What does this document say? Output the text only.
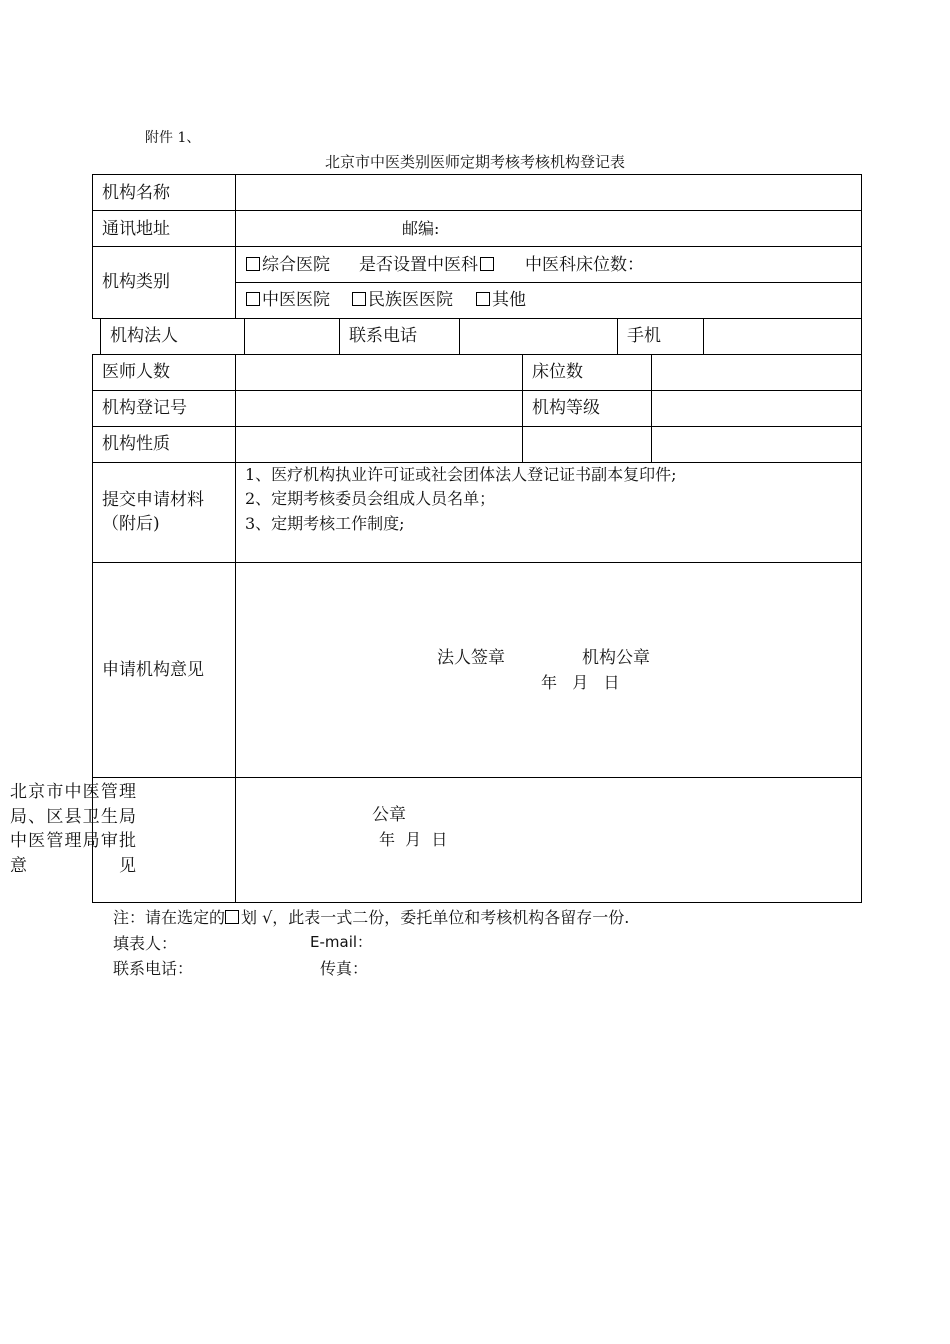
附件 1、
北京市中医类别医师定期考核考核机构登记表
机构名称
通讯地址	邮编:
机构类别
综合医院 是否设置中医科	中医科床位数：
中医医院	民族医医院	其他
机构法人	联系电话	手机
医师人数	床位数
机构登记号	机构等级
机构性质
提交申请材料
（附后)
1、医疗机构执业许可证或社会团体法人登记证书副本复印件;
2、定期考核委员会组成人员名单；
3、定期考核工作制度;
申请机构意见
法人签章	机构公章
年   月   日
北京市中医管理局、区县卫生局中医管理局审批意见
公章
年  月  日
注：请在选定的 划 √，此表一式二份，委托单位和考核机构各留存一份.
填表人：	E-mail：
联系电话：	传真：
